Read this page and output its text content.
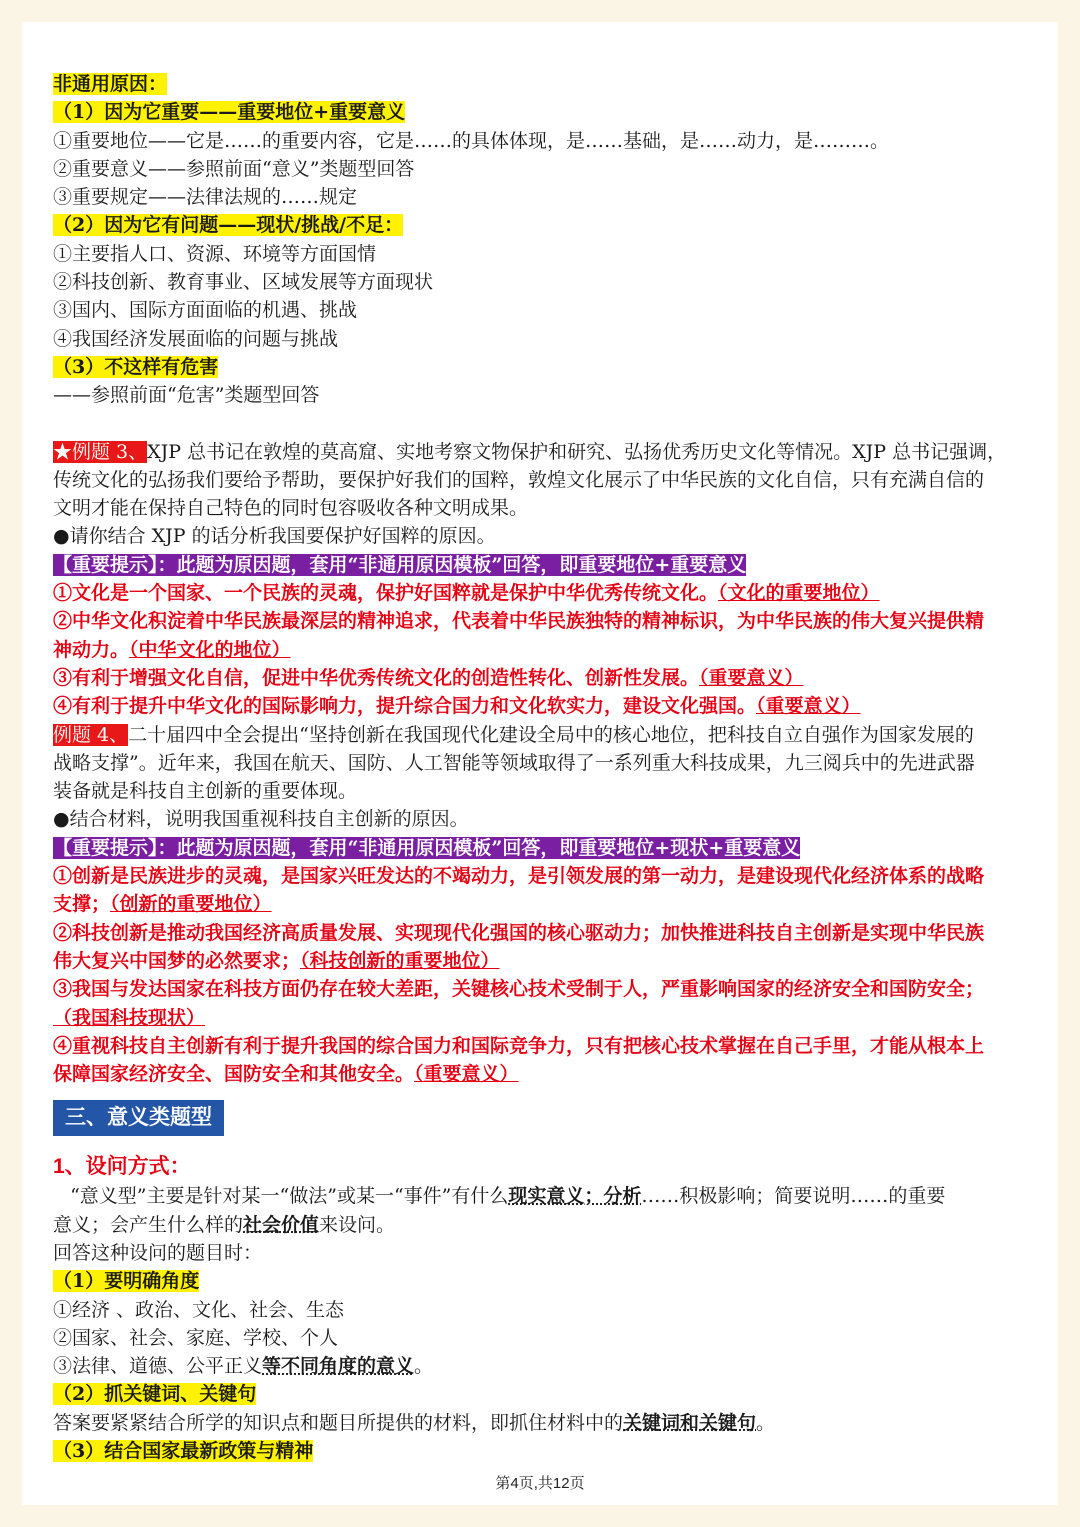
非通用原因：
（1）因为它重要——重要地位+重要意义
①重要地位——它是……的重要内容，它是……的具体体现，是……基础，是……动力，是………。
②重要意义——参照前面“意义”类题型回答
③重要规定——法律法规的……规定
（2）因为它有问题——现状/挑战/不足：
①主要指人口、资源、环境等方面国情
②科技创新、教育事业、区域发展等方面现状
③国内、国际方面面临的机遇、挑战
④我国经济发展面临的问题与挑战
（3）不这样有危害
——参照前面“危害”类题型回答
★例题 3、XJP 总书记在敦煌的莫高窟、实地考察文物保护和研究、弘扬优秀历史文化等情况。XJP 总书记强调，
传统文化的弘扬我们要给予帮助，要保护好我们的国粹，敦煌文化展示了中华民族的文化自信，只有充满自信的
文明才能在保持自己特色的同时包容吸收各种文明成果。
●请你结合 XJP 的话分析我国要保护好国粹的原因。
【重要提示】：此题为原因题，套用“非通用原因模板”回答，即重要地位+重要意义
①文化是一个国家、一个民族的灵魂，保护好国粹就是保护中华优秀传统文化。（文化的重要地位）
②中华文化积淀着中华民族最深层的精神追求，代表着中华民族独特的精神标识，为中华民族的伟大复兴提供精
神动力。（中华文化的地位）
③有利于增强文化自信，促进中华优秀传统文化的创造性转化、创新性发展。（重要意义）
④有利于提升中华文化的国际影响力，提升综合国力和文化软实力，建设文化强国。（重要意义）
例题 4、二十届四中全会提出“坚持创新在我国现代化建设全局中的核心地位，把科技自立自强作为国家发展的
战略支撑”。近年来，我国在航天、国防、人工智能等领域取得了一系列重大科技成果，九三阅兵中的先进武器
装备就是科技自主创新的重要体现。
●结合材料，说明我国重视科技自主创新的原因。
【重要提示】：此题为原因题，套用“非通用原因模板”回答，即重要地位+现状+重要意义
①创新是民族进步的灵魂，是国家兴旺发达的不竭动力，是引领发展的第一动力，是建设现代化经济体系的战略
支撑；（创新的重要地位）
②科技创新是推动我国经济高质量发展、实现现代化强国的核心驱动力；加快推进科技自主创新是实现中华民族
伟大复兴中国梦的必然要求；（科技创新的重要地位）
③我国与发达国家在科技方面仍存在较大差距，关键核心技术受制于人，严重影响国家的经济安全和国防安全；
（我国科技现状）
④重视科技自主创新有利于提升我国的综合国力和国际竞争力，只有把核心技术掌握在自己手里，才能从根本上
保障国家经济安全、国防安全和其他安全。（重要意义）
三、意义类题型
1、设问方式：
“意义型”主要是针对某一“做法”或某一“事件”有什么现实意义；分析……积极影响；简要说明……的重要
意义；会产生什么样的社会价值来设问。
回答这种设问的题目时：
（1）要明确角度
①经济 、政治、文化、社会、生态
②国家、社会、家庭、学校、个人
③法律、道德、公平正义等不同角度的意义。
（2）抓关键词、关键句
答案要紧紧结合所学的知识点和题目所提供的材料，即抓住材料中的关键词和关键句。
（3）结合国家最新政策与精神
第4页,共12页
